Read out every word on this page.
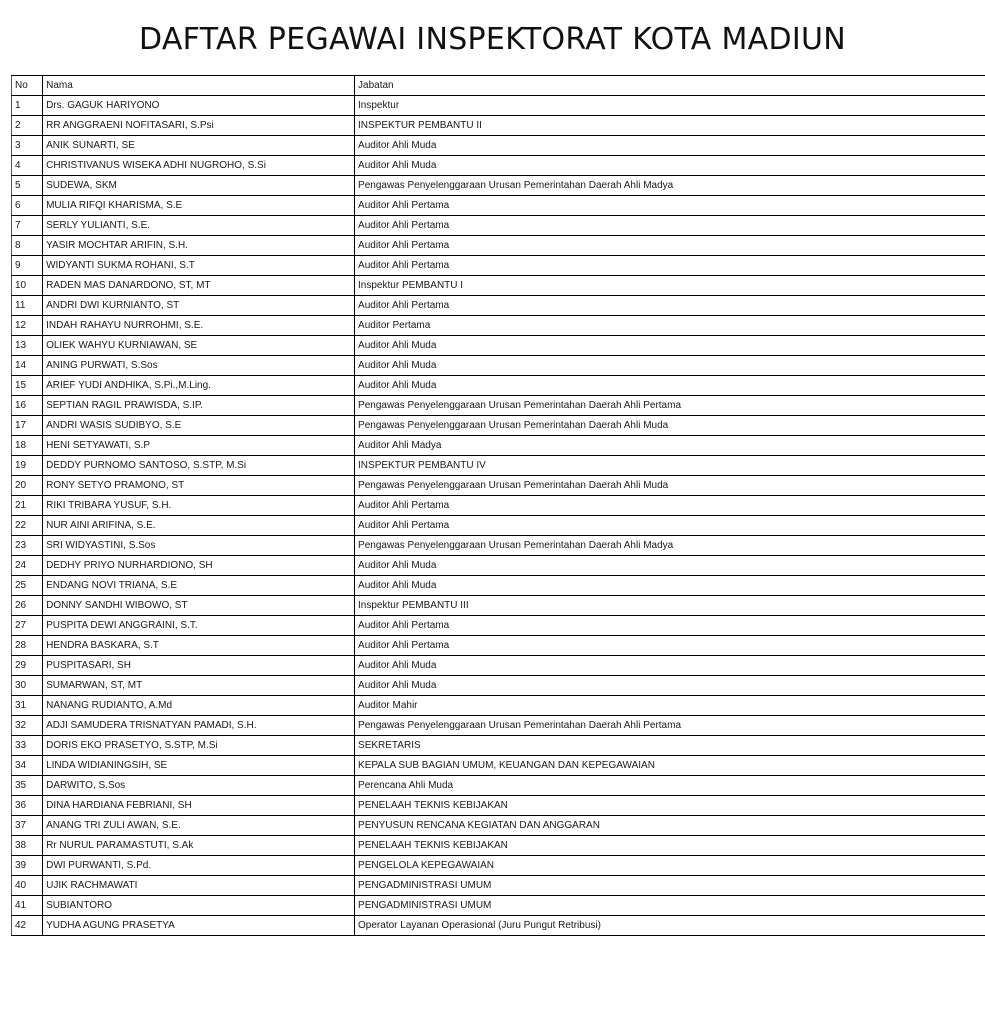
DAFTAR PEGAWAI INSPEKTORAT KOTA MADIUN
No	Nama	Jabatan
1	Drs. GAGUK HARIYONO	Inspektur
2	RR ANGGRAENI NOFITASARI, S.Psi	INSPEKTUR PEMBANTU II
3	ANIK SUNARTI, SE	Auditor Ahli Muda
4	CHRISTIVANUS WISEKA ADHI NUGROHO, S.Si	Auditor Ahli Muda
5	SUDEWA, SKM	Pengawas Penyelenggaraan Urusan Pemerintahan Daerah Ahli Madya
6	MULIA RIFQI KHARISMA, S.E	Auditor Ahli Pertama
7	SERLY YULIANTI, S.E.	Auditor Ahli Pertama
8	YASIR MOCHTAR ARIFIN, S.H.	Auditor Ahli Pertama
9	WIDYANTI SUKMA ROHANI, S.T	Auditor Ahli Pertama
10	RADEN MAS DANARDONO, ST, MT	Inspektur PEMBANTU I
11	ANDRI DWI KURNIANTO, ST	Auditor Ahli Pertama
12	INDAH RAHAYU NURROHMI, S.E.	Auditor Pertama
13	OLIEK WAHYU KURNIAWAN, SE	Auditor Ahli Muda
14	ANING PURWATI, S.Sos	Auditor Ahli Muda
15	ARIEF YUDI ANDHIKA, S.Pi.,M.Ling.	Auditor Ahli Muda
16	SEPTIAN RAGIL PRAWISDA, S.IP.	Pengawas Penyelenggaraan Urusan Pemerintahan Daerah Ahli Pertama
17	ANDRI WASIS SUDIBYO, S.E	Pengawas Penyelenggaraan Urusan Pemerintahan Daerah Ahli Muda
18	HENI SETYAWATI, S.P	Auditor Ahli Madya
19	DEDDY PURNOMO SANTOSO, S.STP, M.Si	INSPEKTUR PEMBANTU IV
20	RONY SETYO PRAMONO, ST	Pengawas Penyelenggaraan Urusan Pemerintahan Daerah Ahli Muda
21	RIKI TRIBARA YUSUF, S.H.	Auditor Ahli Pertama
22	NUR AINI ARIFINA, S.E.	Auditor Ahli Pertama
23	SRI WIDYASTINI, S.Sos	Pengawas Penyelenggaraan Urusan Pemerintahan Daerah Ahli Madya
24	DEDHY PRIYO NURHARDIONO, SH	Auditor Ahli Muda
25	ENDANG NOVI TRIANA, S.E	Auditor Ahli Muda
26	DONNY SANDHI WIBOWO, ST	Inspektur PEMBANTU III
27	PUSPITA DEWI ANGGRAINI, S.T.	Auditor Ahli Pertama
28	HENDRA BASKARA, S.T	Auditor Ahli Pertama
29	PUSPITASARI, SH	Auditor Ahli Muda
30	SUMARWAN, ST, MT	Auditor Ahli Muda
31	NANANG RUDIANTO, A.Md	Auditor Mahir
32	ADJI SAMUDERA TRISNATYAN PAMADI, S.H.	Pengawas Penyelenggaraan Urusan Pemerintahan Daerah Ahli Pertama
33	DORIS EKO PRASETYO, S.STP, M.Si	SEKRETARIS
34	LINDA WIDIANINGSIH, SE	KEPALA SUB BAGIAN UMUM, KEUANGAN DAN KEPEGAWAIAN
35	DARWITO, S.Sos	Perencana Ahli Muda
36	DINA HARDIANA FEBRIANI, SH	PENELAAH TEKNIS KEBIJAKAN
37	ANANG TRI ZULI AWAN, S.E.	PENYUSUN RENCANA KEGIATAN DAN ANGGARAN
38	Rr NURUL PARAMASTUTI, S.Ak	PENELAAH TEKNIS KEBIJAKAN
39	DWI PURWANTI, S.Pd.	PENGELOLA KEPEGAWAIAN
40	UJIK RACHMAWATI	PENGADMINISTRASI UMUM
41	SUBIANTORO	PENGADMINISTRASI UMUM
42	YUDHA AGUNG PRASETYA	Operator Layanan Operasional (Juru Pungut Retribusi)
